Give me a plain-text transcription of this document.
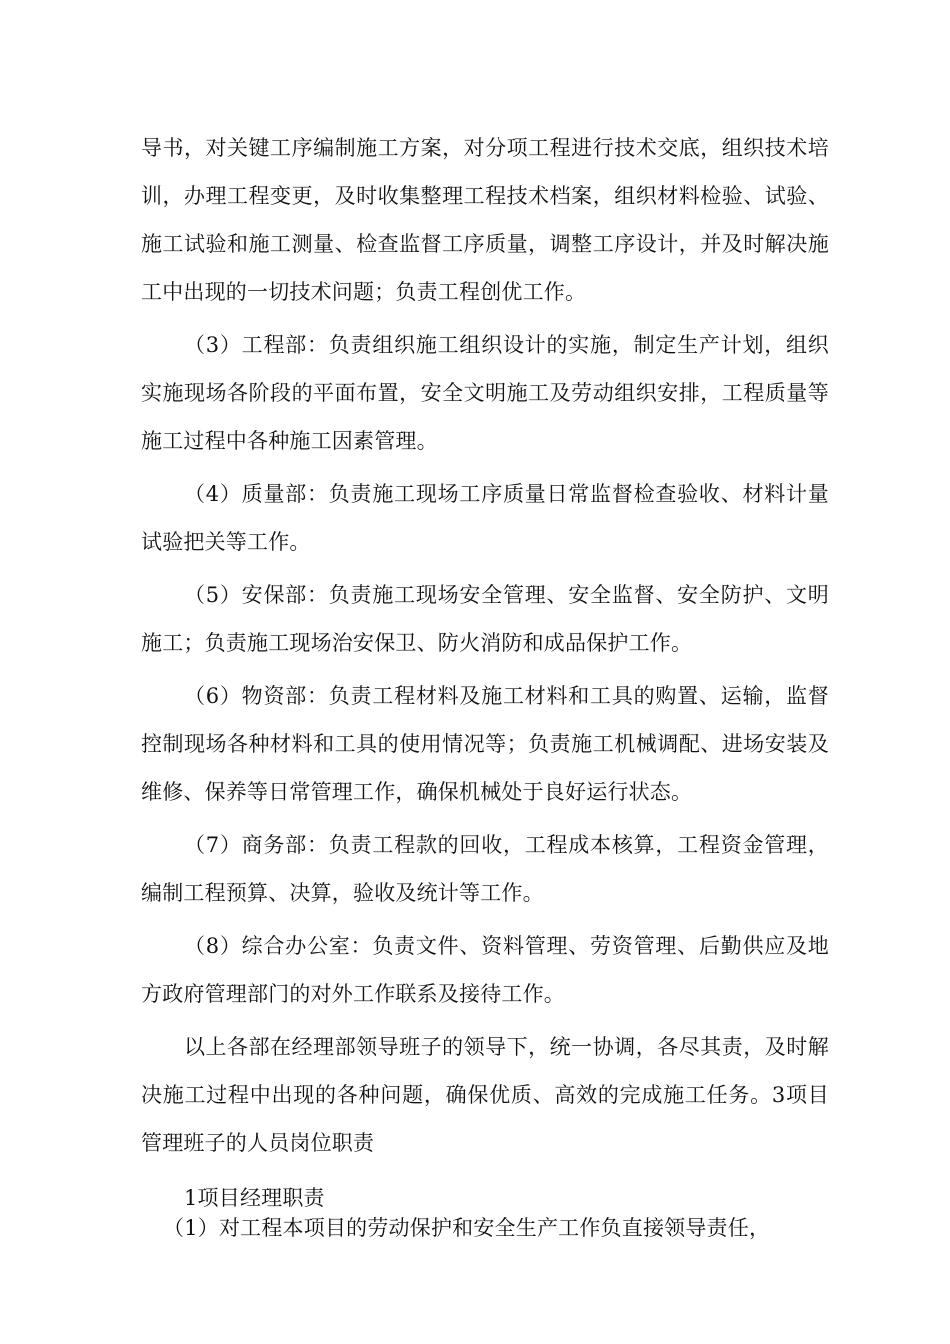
导书，对关键工序编制施工方案，对分项工程进行技术交底，组织技术培训，办理工程变更，及时收集整理工程技术档案，组织材料检验、试验、施工试验和施工测量、检查监督工序质量，调整工序设计，并及时解决施工中出现的一切技术问题；负责工程创优工作。

（3）工程部：负责组织施工组织设计的实施，制定生产计划，组织实施现场各阶段的平面布置，安全文明施工及劳动组织安排，工程质量等施工过程中各种施工因素管理。

（4）质量部：负责施工现场工序质量日常监督检查验收、材料计量试验把关等工作。

（5）安保部：负责施工现场安全管理、安全监督、安全防护、文明施工；负责施工现场治安保卫、防火消防和成品保护工作。

（6）物资部：负责工程材料及施工材料和工具的购置、运输，监督控制现场各种材料和工具的使用情况等；负责施工机械调配、进场安装及维修、保养等日常管理工作，确保机械处于良好运行状态。

（7）商务部：负责工程款的回收，工程成本核算，工程资金管理，编制工程预算、决算，验收及统计等工作。

（8）综合办公室：负责文件、资料管理、劳资管理、后勤供应及地方政府管理部门的对外工作联系及接待工作。

以上各部在经理部领导班子的领导下，统一协调，各尽其责，及时解决施工过程中出现的各种问题，确保优质、高效的完成施工任务。3项目管理班子的人员岗位职责

1项目经理职责

（1）对工程本项目的劳动保护和安全生产工作负直接领导责任，
